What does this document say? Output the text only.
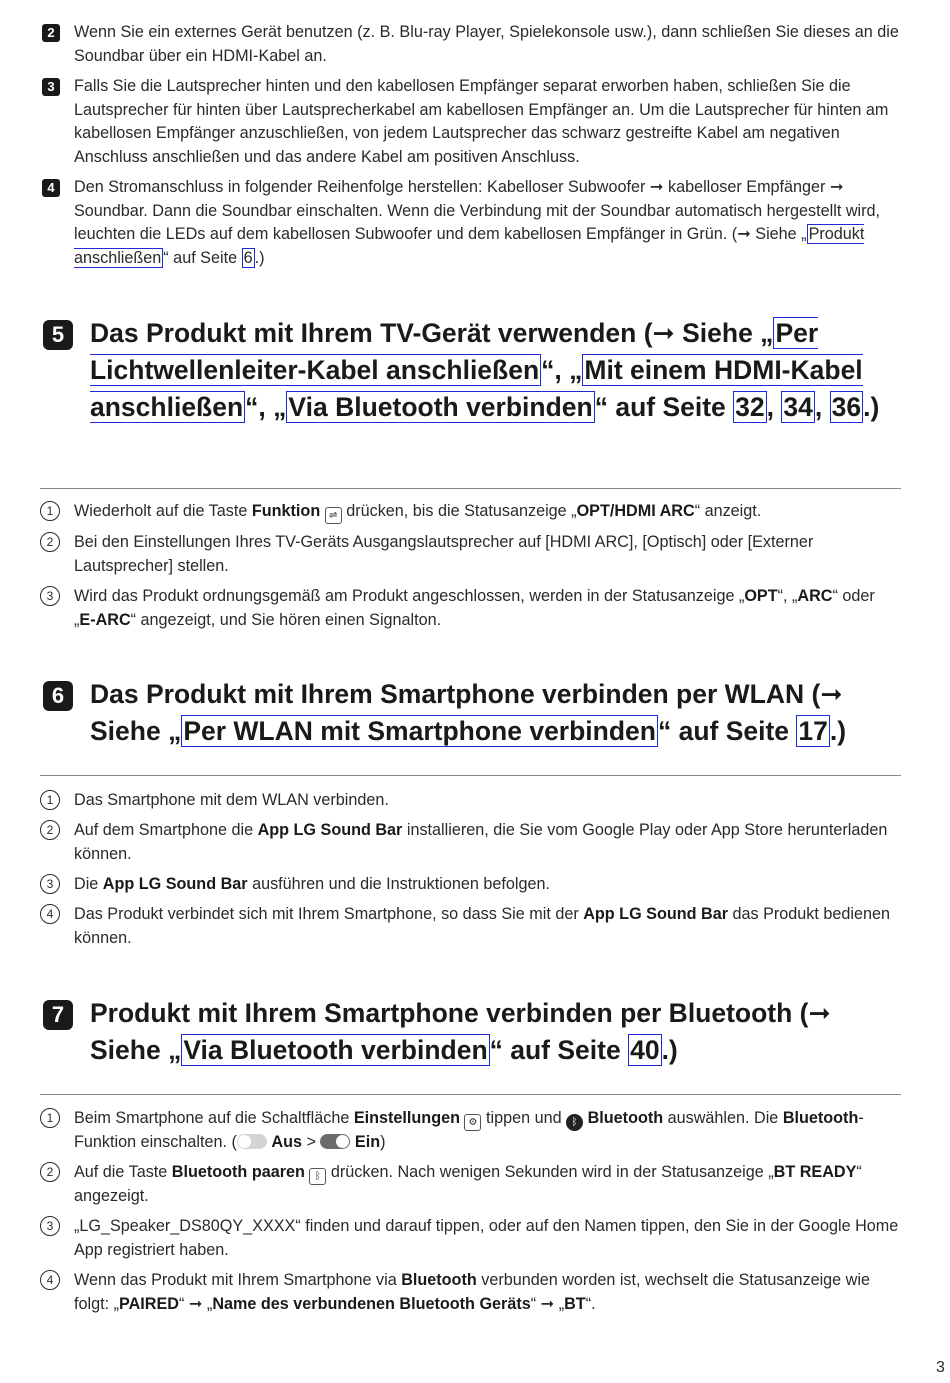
2	Wenn Sie ein externes Gerät benutzen (z. B. Blu-ray Player, Spielekonsole usw.), dann schließen Sie dieses an die Soundbar über ein HDMI-Kabel an.
3	Falls Sie die Lautsprecher hinten und den kabellosen Empfänger separat erworben haben, schließen Sie die Lautsprecher für hinten über Lautsprecherkabel am kabellosen Empfänger an. Um die Lautsprecher für hinten am kabellosen Empfänger anzuschließen, von jedem Lautsprecher das schwarz gestreifte Kabel am negativen Anschluss anschließen und das andere Kabel am positiven Anschluss.
4	Den Stromanschluss in folgender Reihenfolge herstellen: Kabelloser Subwoofer ➞ kabelloser Empfänger ➞ Soundbar. Dann die Soundbar einschalten. Wenn die Verbindung mit der Soundbar automatisch hergestellt wird, leuchten die LEDs auf dem kabellosen Subwoofer und dem kabellosen Empfänger in Grün. (➞ Siehe „ Produkt anschließen “ auf Seite 6 .)
5 Das Produkt mit Ihrem TV-Gerät verwenden (➞ Siehe „Per Lichtwellenleiter-Kabel anschließen“, „Mit einem HDMI-Kabel anschließen“, „Via Bluetooth verbinden“ auf Seite 32, 34, 36.)
1	Wiederholt auf die Taste Funktion ⇌ drücken, bis die Statusanzeige „OPT/HDMI ARC“ anzeigt.
2	Bei den Einstellungen Ihres TV-Geräts Ausgangslautsprecher auf [HDMI ARC], [Optisch] oder [Externer Lautsprecher] stellen.
3	Wird das Produkt ordnungsgemäß am Produkt angeschlossen, werden in der Statusanzeige „OPT“, „ARC“ oder „E-ARC“ angezeigt, und Sie hören einen Signalton.
6 Das Produkt mit Ihrem Smartphone verbinden per WLAN (➞ Siehe „Per WLAN mit Smartphone verbinden“ auf Seite 17.)
1	Das Smartphone mit dem WLAN verbinden.
2	Auf dem Smartphone die App LG Sound Bar installieren, die Sie vom Google Play oder App Store herunterladen können.
3	Die App LG Sound Bar ausführen und die Instruktionen befolgen.
4	Das Produkt verbindet sich mit Ihrem Smartphone, so dass Sie mit der App LG Sound Bar das Produkt bedienen können.
7 Produkt mit Ihrem Smartphone verbinden per Bluetooth (➞ Siehe „Via Bluetooth verbinden“ auf Seite 40.)
1	Beim Smartphone auf die Schaltfläche Einstellungen ⚙ tippen und ᛒ Bluetooth auswählen. Die Bluetooth-Funktion einschalten. ( Aus >  Ein)
2	Auf die Taste Bluetooth paaren ᛒ drücken. Nach wenigen Sekunden wird in der Statusanzeige „BT READY“ angezeigt.
3	„LG_Speaker_DS80QY_XXXX“ finden und darauf tippen, oder auf den Namen tippen, den Sie in der Google Home App registriert haben.
4	Wenn das Produkt mit Ihrem Smartphone via Bluetooth verbunden worden ist, wechselt die Statusanzeige wie folgt: „PAIRED“ ➞ „Name des verbundenen Bluetooth Geräts“ ➞ „BT“.
3
